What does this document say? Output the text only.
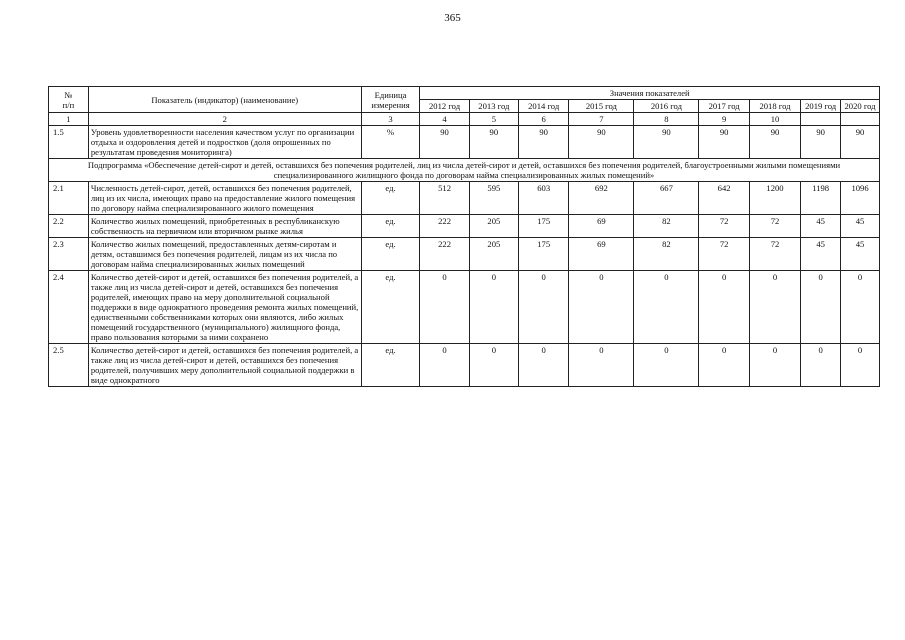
365
№
п/п	Показатель (индикатор) (наименование)	Единица измерения	Значения показателей								
			2012 год	2013 год	2014 год	2015 год	2016 год	2017 год	2018 год	2019 год	2020 год
1	2	3	4	5	6	7	8	9	10		
1.5	Уровень удовлетворенности населения качеством услуг по организации отдыха и оздоровления детей и подростков (доля опрошенных по результатам проведения мониторинга)	%	90	90	90	90	90	90	90	90	90
Подпрограмма «Обеспечение детей-сирот и детей, оставшихся без попечения родителей, лиц из числа детей-сирот и детей, оставшихся без попечения родителей, благоустроенными жилыми помещениями специализированного жилищного фонда по договорам найма специализированных жилых помещений»											
2.1	Численность детей-сирот, детей, оставшихся без попечения родителей, лиц из их числа, имеющих право на предоставление жилого помещения по договору найма специализированного жилого помещения	ед.	512	595	603	692	667	642	1200	1198	1096
2.2	Количество жилых помещений, приобретенных в республиканскую собственность на первичном или вторичном рынке жилья	ед.	222	205	175	69	82	72	72	45	45
2.3	Количество жилых помещений, предоставленных детям-сиротам и детям, оставшимся без попечения родителей, лицам из их числа по договорам найма специализированных жилых помещений	ед.	222	205	175	69	82	72	72	45	45
2.4	Количество детей-сирот и детей, оставшихся без попечения родителей, а также лиц из числа детей-сирот и детей, оставшихся без попечения родителей, имеющих право на меру дополнительной социальной поддержки в виде однократного проведения ремонта жилых помещений, единственными собственниками которых они являются, либо жилых помещений государственного (муниципального) жилищного фонда, право пользования которыми за ними сохранено	ед.	0	0	0	0	0	0	0	0	0
2.5	Количество детей-сирот и детей, оставшихся без попечения родителей, а также лиц из числа детей-сирот и детей, оставшихся без попечения родителей, получивших меру дополнительной социальной поддержки в виде однократного	ед.	0	0	0	0	0	0	0	0	0
